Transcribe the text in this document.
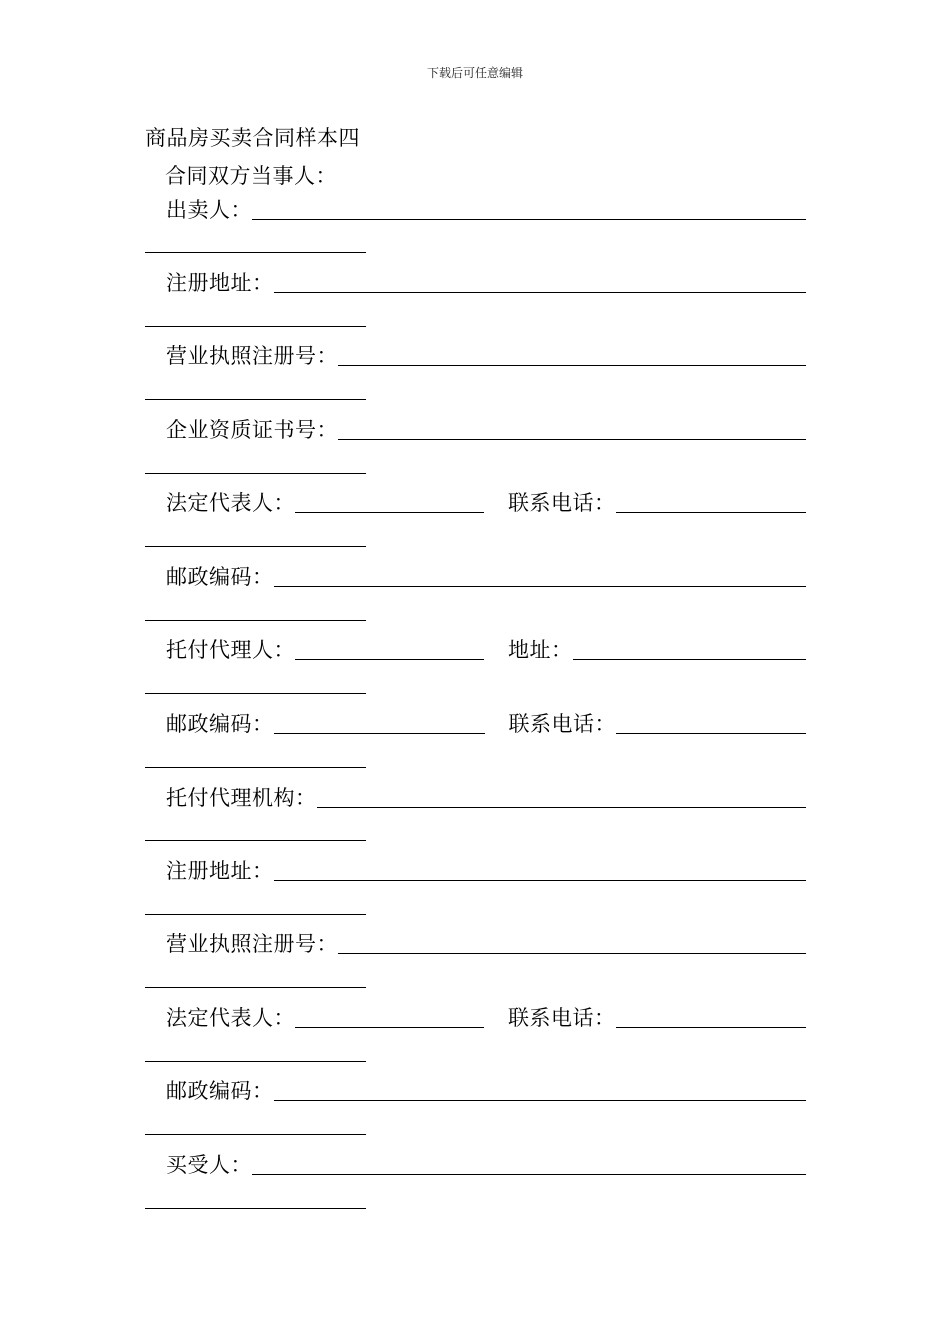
下载后可任意编辑
商品房买卖合同样本四
合同双方当事人：
出卖人：
注册地址：
营业执照注册号：
企业资质证书号：
法定代表人：	联系电话：
邮政编码：
托付代理人：	地址：
邮政编码：	联系电话：
托付代理机构：
注册地址：
营业执照注册号：
法定代表人：	联系电话：
邮政编码：
买受人：
